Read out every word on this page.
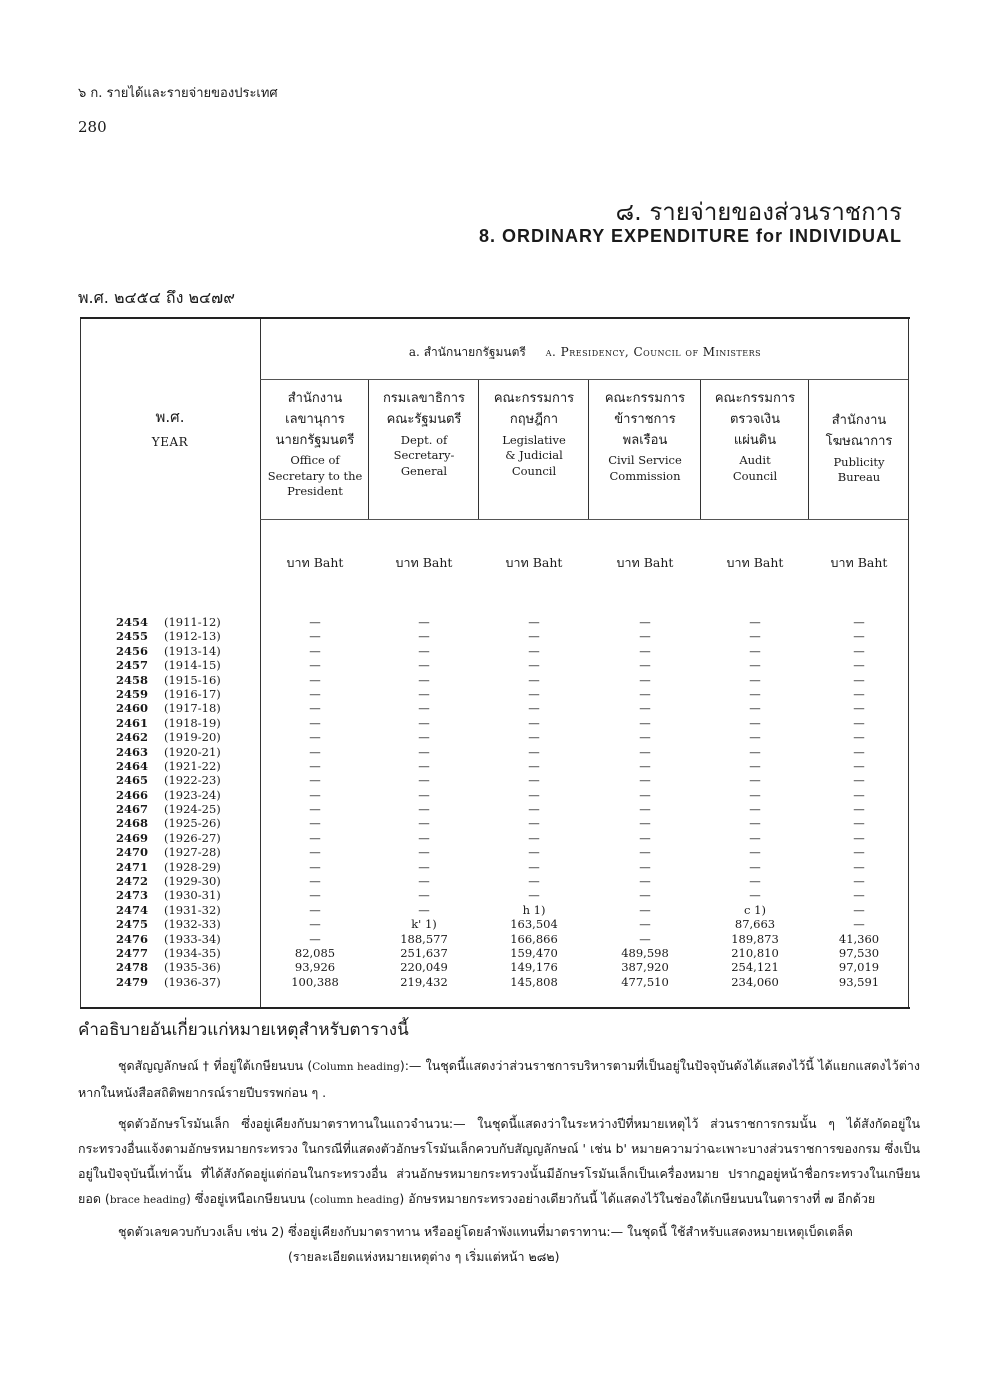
๖ ก. รายได้และรายจ่ายของประเทศ
280
๘. รายจ่ายของส่วนราชการ
8. ORDINARY EXPENDITURE for INDIVIDUAL
พ.ศ. ๒๔๕๔ ถึง ๒๔๗๙
a. สำนักนายกรัฐมนตรี a. Presidency, Council of Ministers
พ.ศ.
YEAR
สำนักงาน
เลขานุการ
นายกรัฐมนตรี
Office of
Secretary to the
President
กรมเลขาธิการ
คณะรัฐมนตรี
Dept. of
Secretary-
General
คณะกรรมการ
กฤษฎีกา
Legislative
& Judicial
Council
คณะกรรมการ
ข้าราชการ
พลเรือน
Civil Service
Commission
คณะกรรมการ
ตรวจเงิน
แผ่นดิน
Audit
Council
สำนักงาน
โฆษณาการ
Publicity
Bureau
บาท Baht	บาท Baht	บาท Baht	บาท Baht	บาท Baht	บาท Baht
2454	(1911-12)	—	—	—	—	—	—
2455	(1912-13)	—	—	—	—	—	—
2456	(1913-14)	—	—	—	—	—	—
2457	(1914-15)	—	—	—	—	—	—
2458	(1915-16)	—	—	—	—	—	—
2459	(1916-17)	—	—	—	—	—	—
2460	(1917-18)	—	—	—	—	—	—
2461	(1918-19)	—	—	—	—	—	—
2462	(1919-20)	—	—	—	—	—	—
2463	(1920-21)	—	—	—	—	—	—
2464	(1921-22)	—	—	—	—	—	—
2465	(1922-23)	—	—	—	—	—	—
2466	(1923-24)	—	—	—	—	—	—
2467	(1924-25)	—	—	—	—	—	—
2468	(1925-26)	—	—	—	—	—	—
2469	(1926-27)	—	—	—	—	—	—
2470	(1927-28)	—	—	—	—	—	—
2471	(1928-29)	—	—	—	—	—	—
2472	(1929-30)	—	—	—	—	—	—
2473	(1930-31)	—	—	—	—	—	—
2474	(1931-32)	—	—	h 1)	—	c 1)	—
2475	(1932-33)	—	k' 1)	163,504	—	87,663	—
2476	(1933-34)	—	188,577	166,866	—	189,873	41,360
2477	(1934-35)	82,085	251,637	159,470	489,598	210,810	97,530
2478	(1935-36)	93,926	220,049	149,176	387,920	254,121	97,019
2479	(1936-37)	100,388	219,432	145,808	477,510	234,060	93,591
คำอธิบายอันเกี่ยวแก่หมายเหตุสำหรับตารางนี้

ชุดสัญญลักษณ์ † ที่อยู่ใต้เกษียนบน (Column heading):— ในชุดนี้แสดงว่าส่วนราชการบริหารตามที่เป็นอยู่ในปัจจุบันดังได้แสดงไว้นี้ ได้แยกแสดงไว้ต่างหากในหนังสือสถิติพยากรณ์รายปีบรรพก่อน ๆ .

ชุดตัวอักษรโรมันเล็ก ซึ่งอยู่เคียงกับมาตราทานในแถวจำนวน:— ในชุดนี้แสดงว่าในระหว่างปีที่หมายเหตุไว้ ส่วนราชการกรมนั้น ๆ ได้สังกัดอยู่ในกระทรวงอื่นแจ้งตามอักษรหมายกระทรวง ในกรณีที่แสดงตัวอักษรโรมันเล็กควบกับสัญญลักษณ์ ' เช่น b' หมายความว่าฉะเพาะบางส่วนราชการของกรม ซึ่งเป็นอยู่ในปัจจุบันนี้เท่านั้น ที่ได้สังกัดอยู่แต่ก่อนในกระทรวงอื่น ส่วนอักษรหมายกระทรวงนั้นมีอักษรโรมันเล็กเป็นเครื่องหมาย ปรากฏอยู่หน้าชื่อกระทรวงในเกษียนยอด (brace heading) ซึ่งอยู่เหนือเกษียนบน (column heading) อักษรหมายกระทรวงอย่างเดียวกันนี้ ได้แสดงไว้ในช่องใต้เกษียนบนในตารางที่ ๗ อีกด้วย

ชุดตัวเลขควบกับวงเล็บ เช่น 2) ซึ่งอยู่เคียงกับมาตราทาน หรืออยู่โดยลำพังแทนที่มาตราทาน:— ในชุดนี้ ใช้สำหรับแสดงหมายเหตุเบ็ดเตล็ด
(รายละเอียดแห่งหมายเหตุต่าง ๆ เริ่มแต่หน้า ๒๘๒)
